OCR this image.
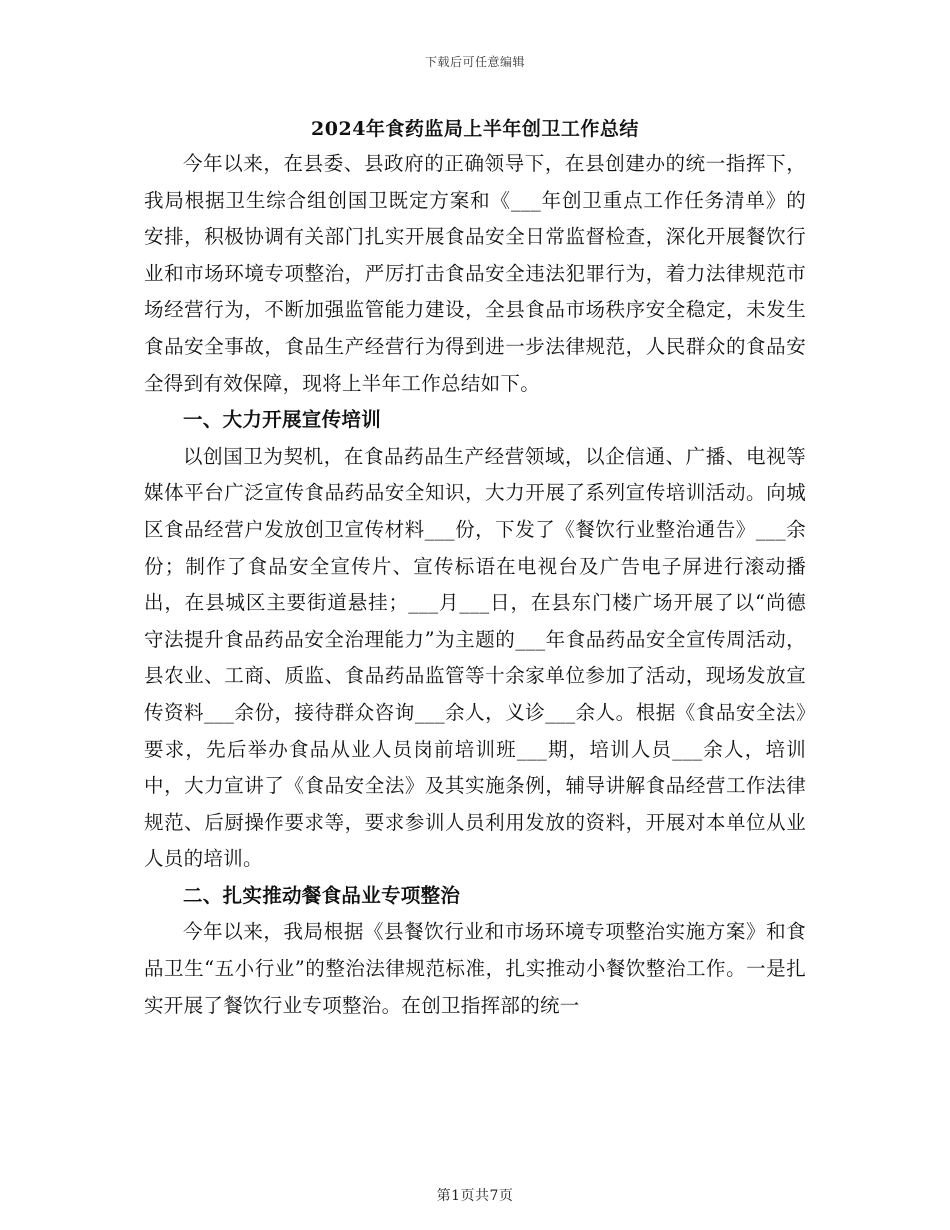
下载后可任意编辑
2024年食药监局上半年创卫工作总结

今年以来，在县委、县政府的正确领导下，在县创建办的统一指挥下，我局根据卫生综合组创国卫既定方案和《___年创卫重点工作任务清单》的安排，积极协调有关部门扎实开展食品安全日常监督检查，深化开展餐饮行业和市场环境专项整治，严厉打击食品安全违法犯罪行为，着力法律规范市场经营行为，不断加强监管能力建设，全县食品市场秩序安全稳定，未发生食品安全事故，食品生产经营行为得到进一步法律规范，人民群众的食品安全得到有效保障，现将上半年工作总结如下。

一、大力开展宣传培训

以创国卫为契机，在食品药品生产经营领域，以企信通、广播、电视等媒体平台广泛宣传食品药品安全知识，大力开展了系列宣传培训活动。向城区食品经营户发放创卫宣传材料___份，下发了《餐饮行业整治通告》___余份；制作了食品安全宣传片、宣传标语在电视台及广告电子屏进行滚动播出，在县城区主要街道悬挂；___月___日，在县东门楼广场开展了以“尚德守法提升食品药品安全治理能力”为主题的___年食品药品安全宣传周活动，县农业、工商、质监、食品药品监管等十余家单位参加了活动，现场发放宣传资料___余份，接待群众咨询___余人，义诊___余人。根据《食品安全法》要求，先后举办食品从业人员岗前培训班___期，培训人员___余人，培训中，大力宣讲了《食品安全法》及其实施条例，辅导讲解食品经营工作法律规范、后厨操作要求等，要求参训人员利用发放的资料，开展对本单位从业人员的培训。

二、扎实推动餐食品业专项整治

今年以来，我局根据《县餐饮行业和市场环境专项整治实施方案》和食品卫生“五小行业”的整治法律规范标准，扎实推动小餐饮整治工作。一是扎实开展了餐饮行业专项整治。在创卫指挥部的统一

第1页共7页
